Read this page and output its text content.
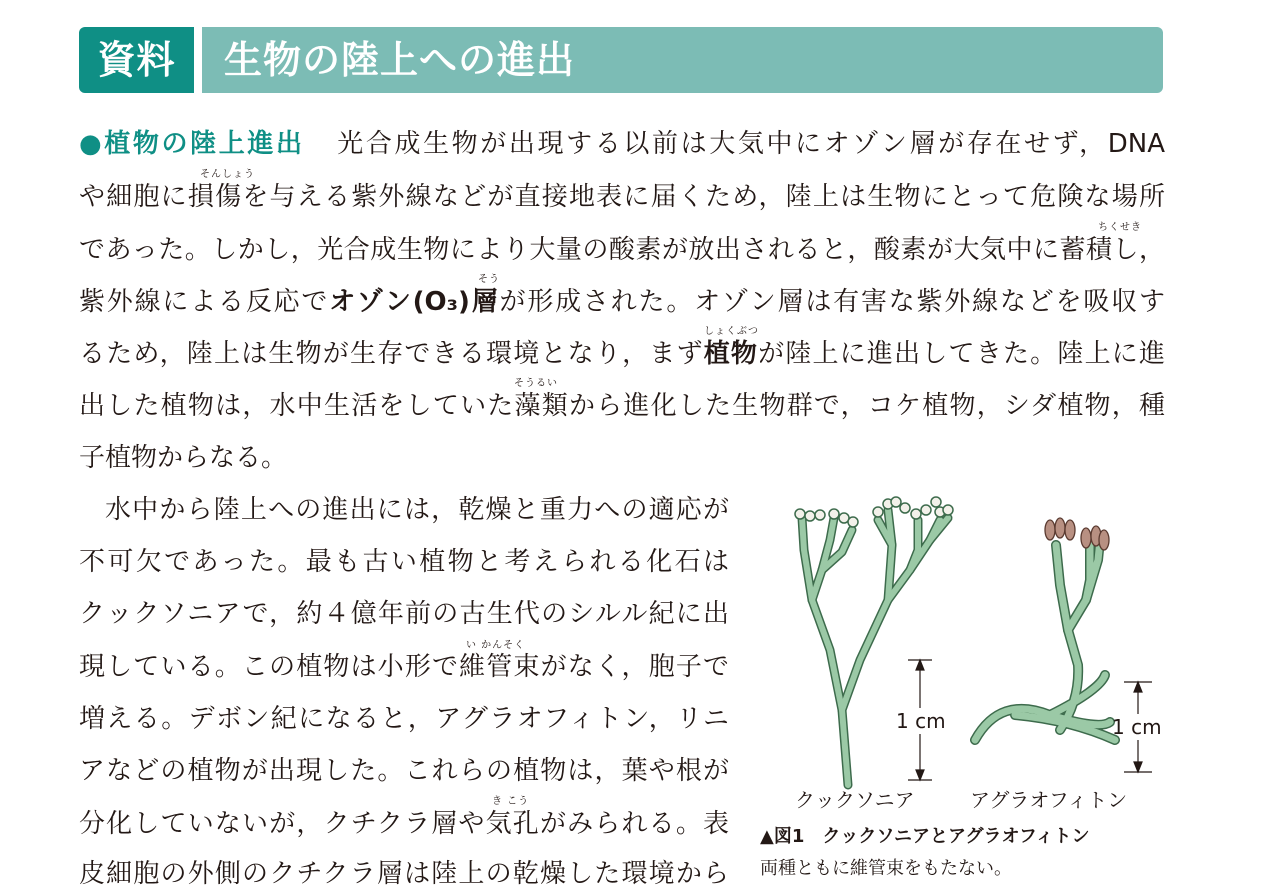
資料	生物の陸上への進出
●植物の陸上進出 光合成生物が出現する以前は大気中にオゾン層が存在せず，DNA
や細胞に損傷を与える紫外線などが直接地表に届くため，陸上は生物にとって危険な場所
であった。しかし，光合成生物により大量の酸素が放出されると，酸素が大気中に蓄積し，
紫外線による反応でオゾン(O₃)層が形成された。オゾン層は有害な紫外線などを吸収す
るため，陸上は生物が生存できる環境となり，まず植物が陸上に進出してきた。陸上に進
出した植物は，水中生活をしていた藻類から進化した生物群で，コケ植物，シダ植物，種
子植物からなる。
そんしょう
ちくせき
そう
しょくぶつ
そうるい
い かんそく
き こう
水中から陸上への進出には，乾燥と重力への適応が
不可欠であった。最も古い植物と考えられる化石は
クックソニアで，約４億年前の古生代のシルル紀に出
現している。この植物は小形で維管束がなく，胞子で
増える。デボン紀になると，アグラオフィトン，リニ
アなどの植物が出現した。これらの植物は，葉や根が
分化していないが，クチクラ層や気孔がみられる。表
皮細胞の外側のクチクラ層は陸上の乾燥した環境から
1 cm	1 cm
クックソニア	アグラオフィトン
▲図1　クックソニアとアグラオフィトン
両種ともに維管束をもたない。
